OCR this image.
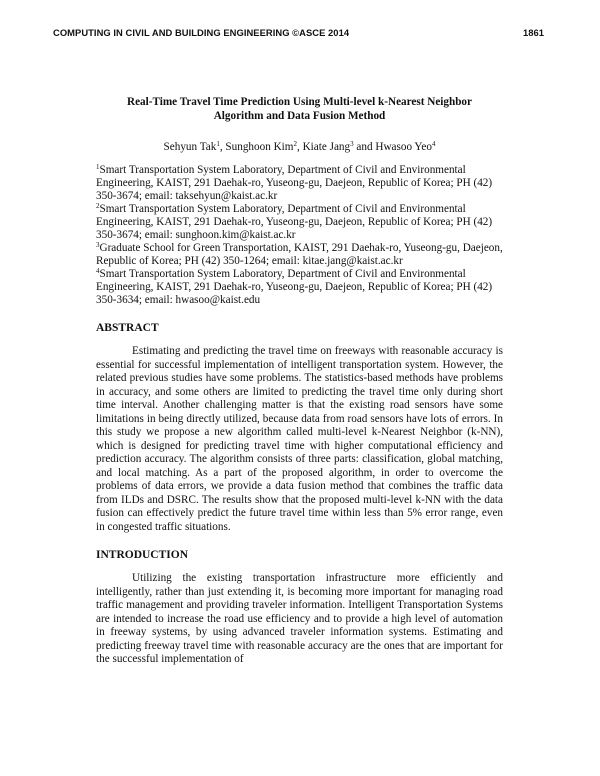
COMPUTING IN CIVIL AND BUILDING ENGINEERING ©ASCE 2014	1861
Real-Time Travel Time Prediction Using Multi-level k-Nearest Neighbor
Algorithm and Data Fusion Method
Sehyun Tak$^1$, Sunghoon Kim$^2$, Kiate Jang$^3$ and Hwasoo Yeo$^4$

$^1$Smart Transportation System Laboratory, Department of Civil and Environmental Engineering, KAIST, 291 Daehak-ro, Yuseong-gu, Daejeon, Republic of Korea; PH (42) 350-3674; email: taksehyun@kaist.ac.kr

$^2$Smart Transportation System Laboratory, Department of Civil and Environmental Engineering, KAIST, 291 Daehak-ro, Yuseong-gu, Daejeon, Republic of Korea; PH (42) 350-3674; email: sunghoon.kim@kaist.ac.kr

$^3$Graduate School for Green Transportation, KAIST, 291 Daehak-ro, Yuseong-gu, Daejeon, Republic of Korea; PH (42) 350-1264; email: kitae.jang@kaist.ac.kr

$^4$Smart Transportation System Laboratory, Department of Civil and Environmental Engineering, KAIST, 291 Daehak-ro, Yuseong-gu, Daejeon, Republic of Korea; PH (42) 350-3634; email: hwasoo@kaist.edu

ABSTRACT

Estimating and predicting the travel time on freeways with reasonable accuracy is essential for successful implementation of intelligent transportation system. However, the related previous studies have some problems. The statistics-based methods have problems in accuracy, and some others are limited to predicting the travel time only during short time interval. Another challenging matter is that the existing road sensors have some limitations in being directly utilized, because data from road sensors have lots of errors. In this study we propose a new algorithm called multi-level k-Nearest Neighbor (k-NN), which is designed for predicting travel time with higher computational efficiency and prediction accuracy. The algorithm consists of three parts: classification, global matching, and local matching. As a part of the proposed algorithm, in order to overcome the problems of data errors, we provide a data fusion method that combines the traffic data from ILDs and DSRC. The results show that the proposed multi-level k-NN with the data fusion can effectively predict the future travel time within less than 5% error range, even in congested traffic situations.

INTRODUCTION

Utilizing the existing transportation infrastructure more efficiently and intelligently, rather than just extending it, is becoming more important for managing road traffic management and providing traveler information. Intelligent Transportation Systems are intended to increase the road use efficiency and to provide a high level of automation in freeway systems, by using advanced traveler information systems. Estimating and predicting freeway travel time with reasonable accuracy are the ones that are important for the successful implementation of
